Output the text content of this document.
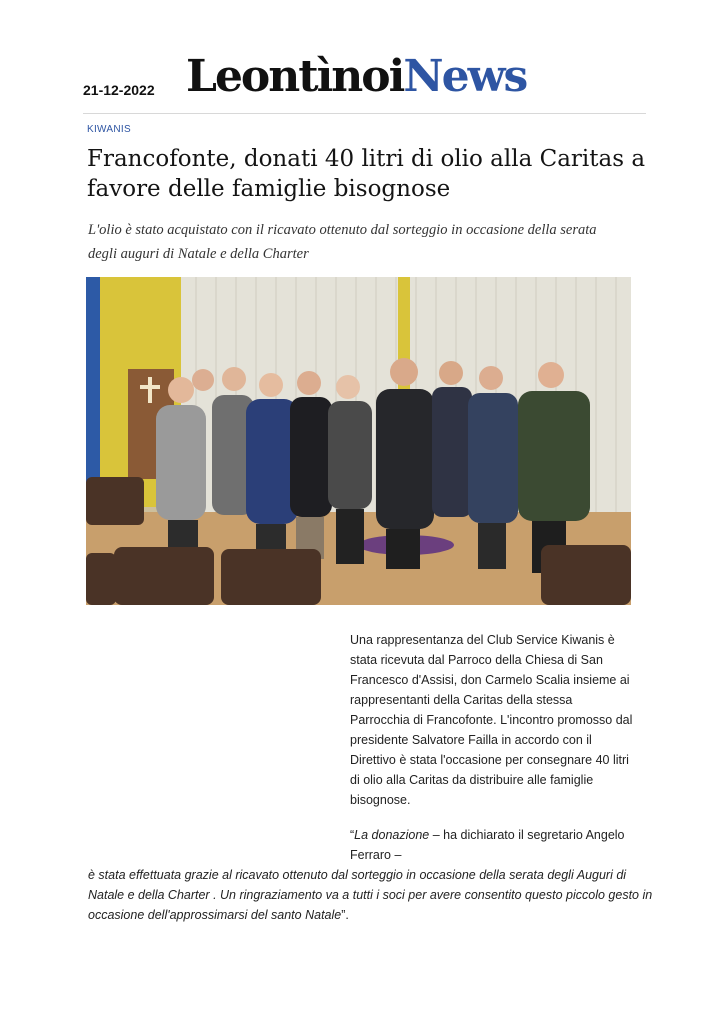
21-12-2022 LeontìnoiNews
KIWANIS
Francofonte, donati 40 litri di olio alla Caritas a favore delle famiglie bisognose

L'olio è stato acquistato con il ricavato ottenuto dal sorteggio in occasione della serata degli auguri di Natale e della Charter

Una rappresentanza del Club Service Kiwanis è stata ricevuta dal Parroco della Chiesa di San Francesco d'Assisi, don Carmelo Scalia insieme ai rappresentanti della Caritas della stessa Parrocchia di Francofonte. L'incontro promosso dal presidente Salvatore Failla in accordo con il Direttivo è stata l'occasione per consegnare 40 litri di olio alla Caritas da distribuire alle famiglie bisognose.

“La donazione – ha dichiarato il segretario Angelo Ferraro –
è stata effettuata grazie al ricavato ottenuto dal sorteggio in occasione della serata degli Auguri di Natale e della Charter . Un ringraziamento va a tutti i soci per avere consentito questo piccolo gesto in occasione dell'approssimarsi del santo Natale”.
